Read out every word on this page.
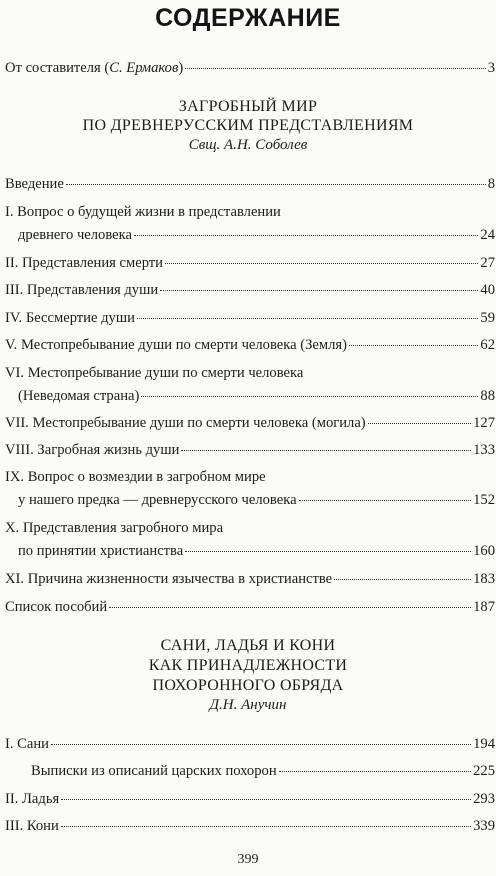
СОДЕРЖАНИЕ
От составителя (С. Ермаков)	3
ЗАГРОБНЫЙ МИР
ПО ДРЕВНЕРУССКИМ ПРЕДСТАВЛЕНИЯМ
Свщ. А.Н. Соболев
Введение	8
I. Вопрос о будущей жизни в представлении
древнего человека	24
II. Представления смерти	27
III. Представления души	40
IV. Бессмертие души	59
V. Местопребывание души по смерти человека (Земля)	62
VI. Местопребывание души по смерти человека
(Неведомая страна)	88
VII. Местопребывание души по смерти человека (могила)	127
VIII. Загробная жизнь души	133
IX. Вопрос о возмездии в загробном мире
у нашего предка — древнерусского человека	152
X. Представления загробного мира
по принятии христианства	160
XI. Причина жизненности язычества в христианстве	183
Список пособий	187
САНИ, ЛАДЬЯ И КОНИ
КАК ПРИНАДЛЕЖНОСТИ
ПОХОРОННОГО ОБРЯДА
Д.Н. Анучин
I. Сани	194
Выписки из описаний царских похорон	225
II. Ладья	293
III. Кони	339
399
